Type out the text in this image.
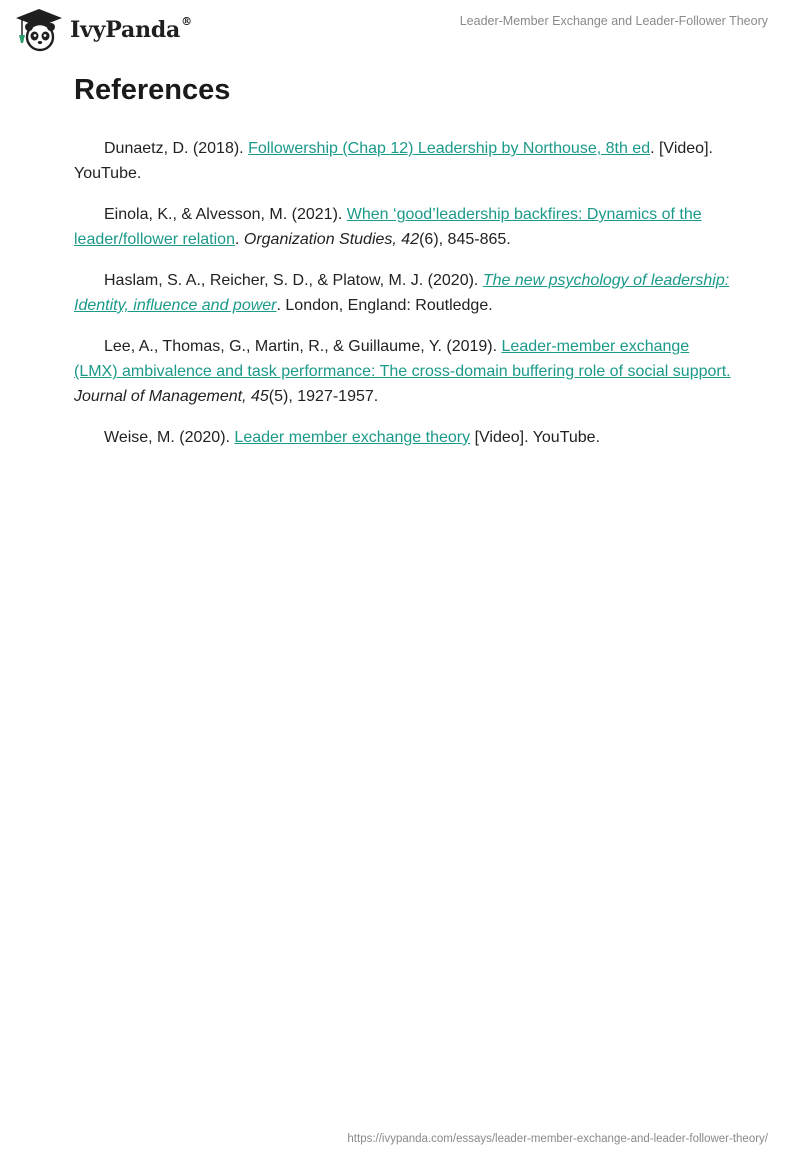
IvyPanda®	Leader-Member Exchange and Leader-Follower Theory
References

Dunaetz, D. (2018). Followership (Chap 12) Leadership by Northouse, 8th ed. [Video]. YouTube.

Einola, K., & Alvesson, M. (2021). When ‘good’leadership backfires: Dynamics of the leader/follower relation. Organization Studies, 42(6), 845-865.

Haslam, S. A., Reicher, S. D., & Platow, M. J. (2020). The new psychology of leadership: Identity, influence and power. London, England: Routledge.

Lee, A., Thomas, G., Martin, R., & Guillaume, Y. (2019). Leader-member exchange (LMX) ambivalence and task performance: The cross-domain buffering role of social support. Journal of Management, 45(5), 1927-1957.

Weise, M. (2020). Leader member exchange theory [Video]. YouTube.

https://ivypanda.com/essays/leader-member-exchange-and-leader-follower-theory/
